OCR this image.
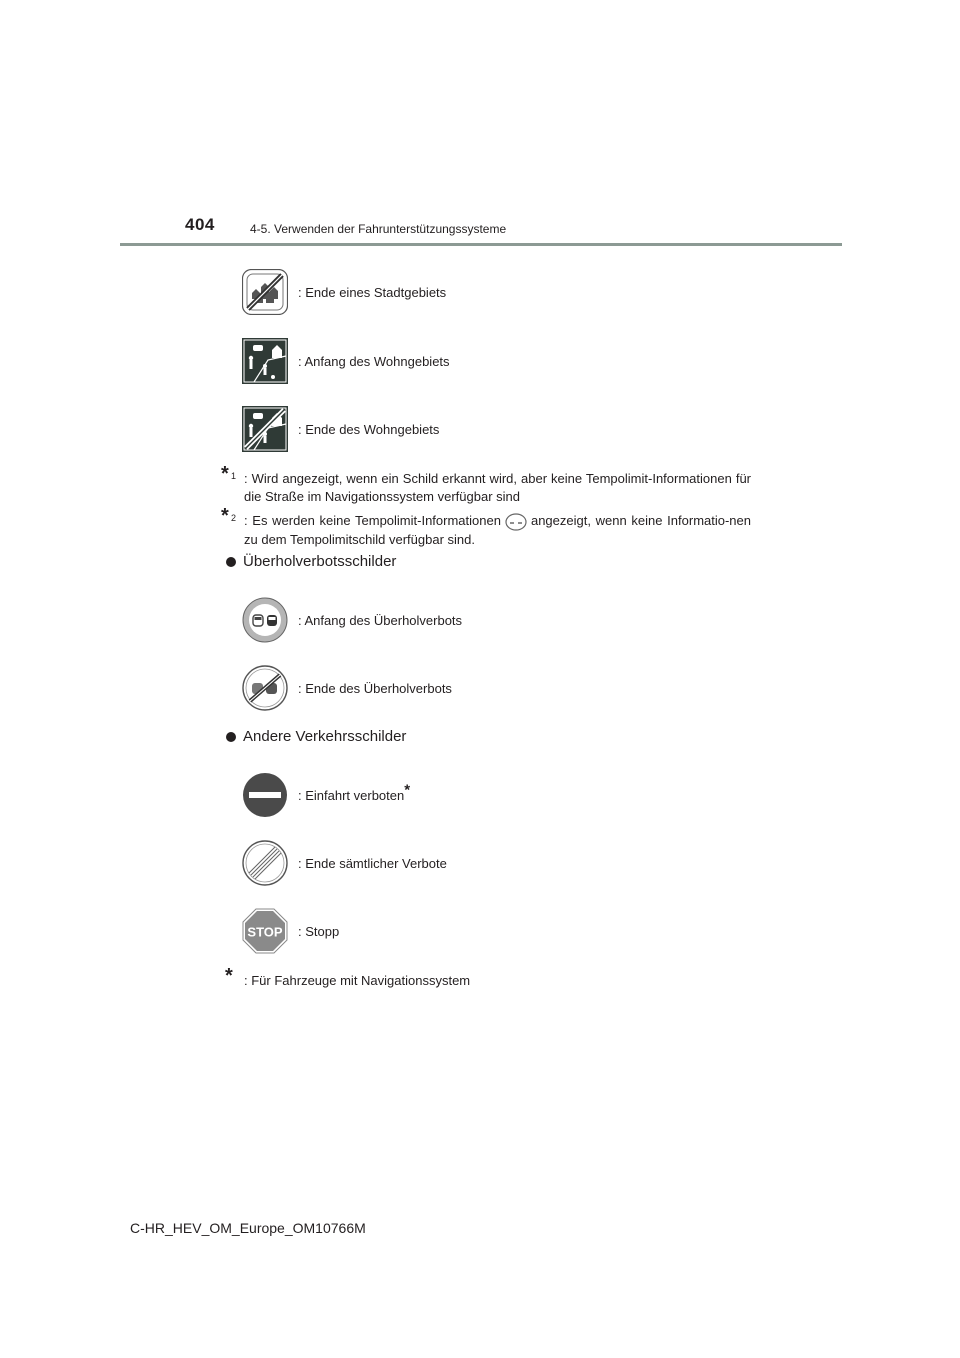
404	4-5. Verwenden der Fahrunterstützungssysteme
: Ende eines Stadtgebiets
: Anfang des Wohngebiets
: Ende des Wohngebiets
* 1 : Wird angezeigt, wenn ein Schild erkannt wird, aber keine Tempolimit-Informationen für die Straße im Navigationssystem verfügbar sind
* 2 : Es werden keine Tempolimit-Informationen angezeigt, wenn keine Informatio-nen zu dem Tempolimitschild verfügbar sind.
Überholverbotsschilder
: Anfang des Überholverbots
: Ende des Überholverbots
Andere Verkehrsschilder
: Einfahrt verboten*
: Ende sämtlicher Verbote
STOP : Stopp
* : Für Fahrzeuge mit Navigationssystem
C-HR_HEV_OM_Europe_OM10766M
